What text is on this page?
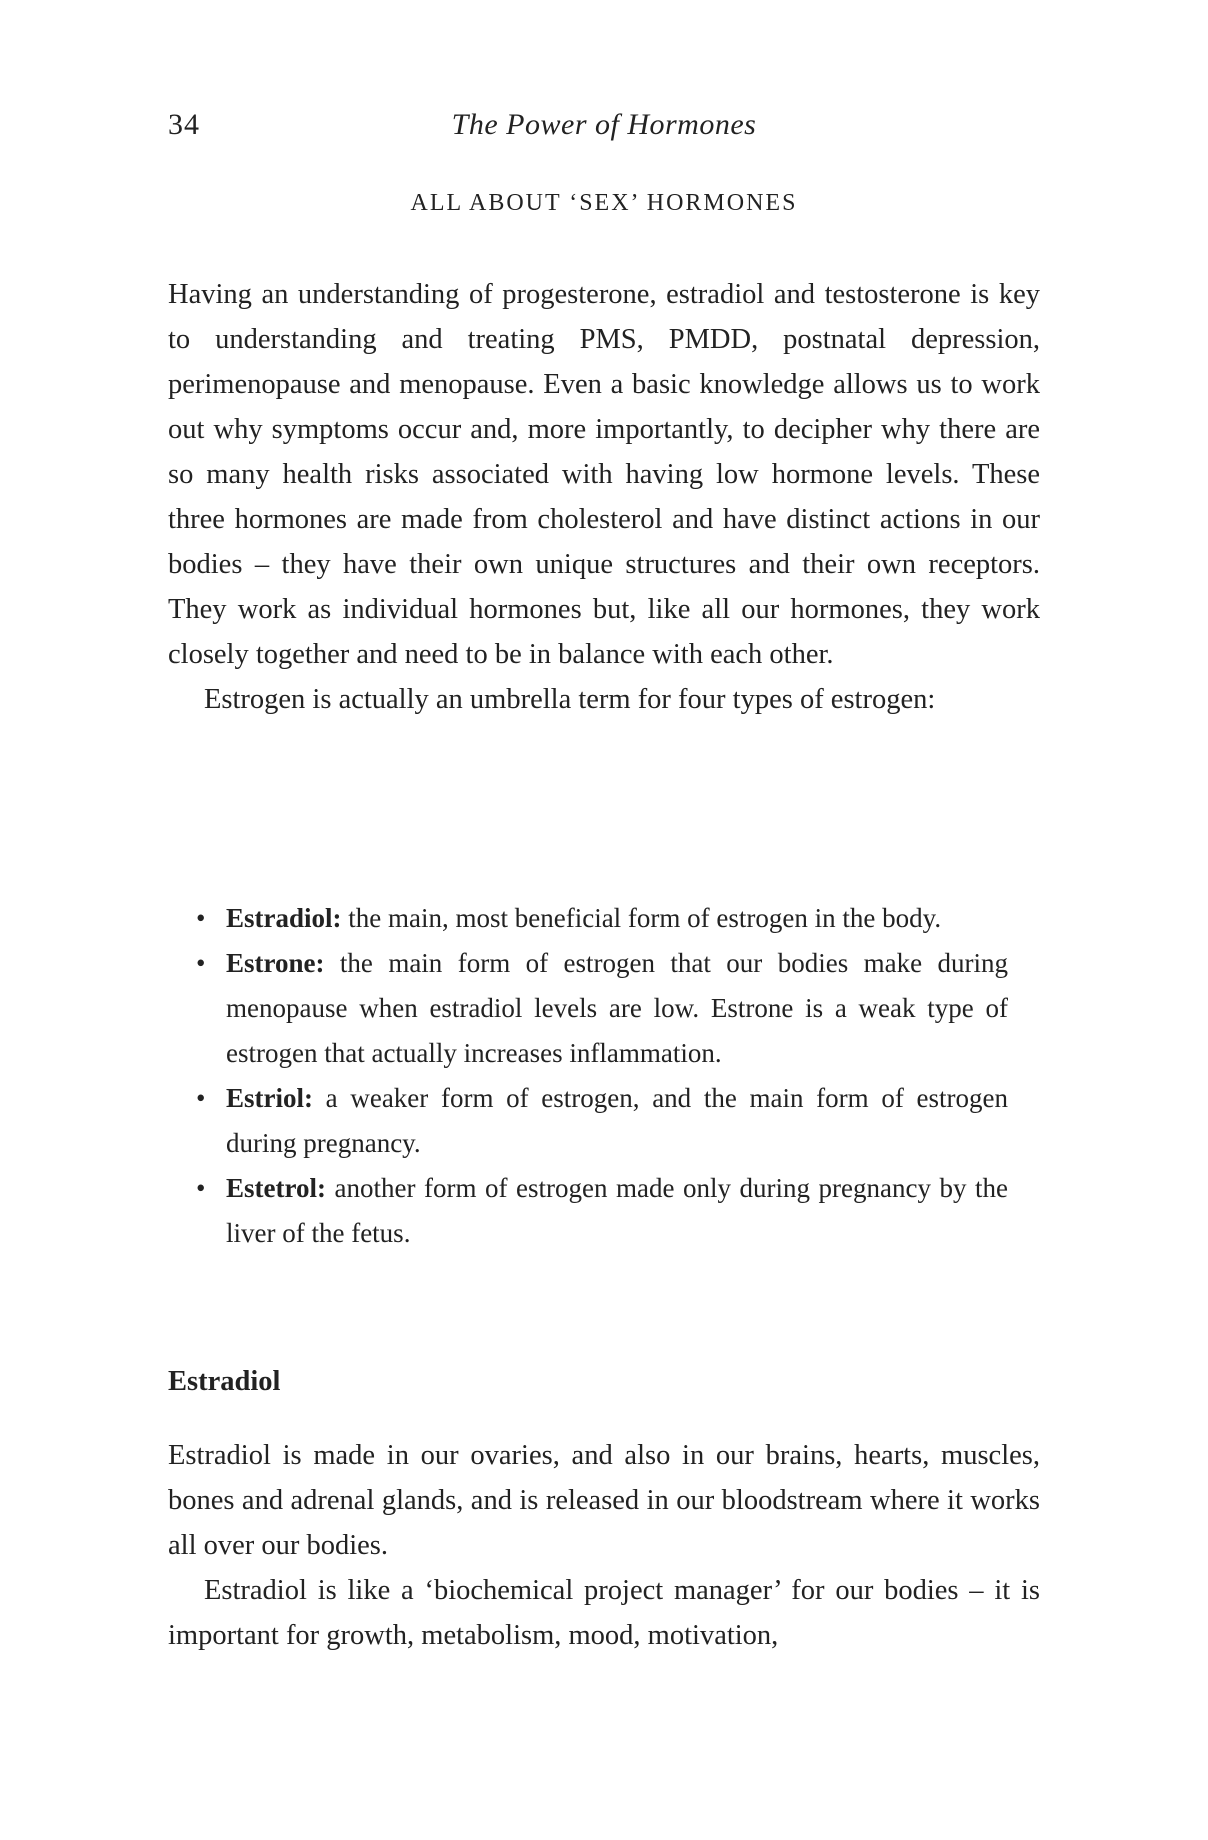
34	The Power of Hormones
ALL ABOUT ‘SEX’ HORMONES

Having an understanding of progesterone, estradiol and testosterone is key to understanding and treating PMS, PMDD, postnatal depression, perimenopause and menopause. Even a basic knowledge allows us to work out why symptoms occur and, more importantly, to decipher why there are so many health risks associated with having low hormone levels. These three hormones are made from cholesterol and have distinct actions in our bodies – they have their own unique structures and their own receptors. They work as individual hormones but, like all our hormones, they work closely together and need to be in balance with each other.

Estrogen is actually an umbrella term for four types of estrogen:

• Estradiol: the main, most beneficial form of estrogen in the body.
• Estrone: the main form of estrogen that our bodies make during menopause when estradiol levels are low. Estrone is a weak type of estrogen that actually increases inflammation.
• Estriol: a weaker form of estrogen, and the main form of estrogen during pregnancy.
• Estetrol: another form of estrogen made only during pregnancy by the liver of the fetus.
Estradiol

Estradiol is made in our ovaries, and also in our brains, hearts, muscles, bones and adrenal glands, and is released in our bloodstream where it works all over our bodies.

Estradiol is like a ‘biochemical project manager’ for our bodies – it is important for growth, metabolism, mood, motivation,
